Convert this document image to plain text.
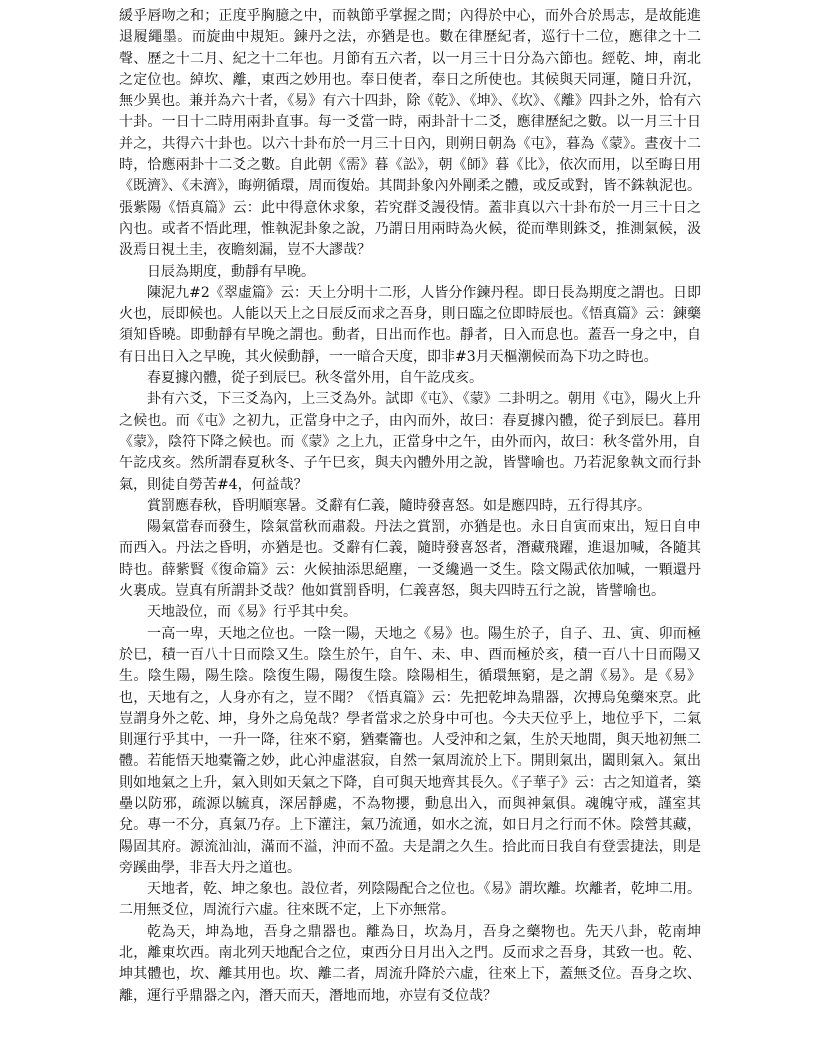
緩乎唇吻之和；正度乎胸臆之中，而執節乎掌握之間；內得於中心，而外合於馬志，是故能進退履繩墨。而旋曲中規矩。鍊丹之法，亦猶是也。數在律歷紀者，巡行十二位，應律之十二聲、歷之十二月、紀之十二年也。月節有五六者，以一月三十日分為六節也。經乾、坤，南北之定位也。綽坎、離，東西之妙用也。奉日使者，奉日之所使也。其候與天同運，隨日升沉，無少異也。兼并為六十者，《易》有六十四卦，除《乾》、《坤》、《坎》、《離》四卦之外，恰有六十卦。一日十二時用兩卦直事。每一爻當一時，兩卦計十二爻，應律歷紀之數。以一月三十日并之，共得六十卦也。以六十卦布於一月三十日內，則朔日朝為《屯》，暮為《蒙》。晝夜十二時，恰應兩卦十二爻之數。自此朝《需》暮《訟》，朝《師》暮《比》，依次而用，以至晦日用《既濟》、《未濟》，晦朔循環，周而復始。其間卦象內外剛柔之體，或反或對，皆不銖執泥也。張紫陽《悟真篇》云：此中得意休求象，若究群爻謾役情。蓋非真以六十卦布於一月三十日之內也。或者不悟此理，惟執泥卦象之說，乃謂日用兩時為火候，從而準則銖爻，推測氣候，汲汲焉日視土圭，夜瞻刻漏，豈不大謬哉？

日辰為期度，動靜有早晚。

陳泥九#2《翠虛篇》云：天上分明十二形，人皆分作鍊丹程。即日長為期度之謂也。日即火也，辰即候也。人能以天上之日辰反而求之吾身，則日臨之位即時辰也。《悟真篇》云：鍊藥須知昏曉。即動靜有早晚之謂也。動者，日出而作也。靜者，日入而息也。蓋吾一身之中，自有日出日入之早晚，其火候動靜，一一暗合天度，即非#3月天樞潮候而為下功之時也。

春夏據內體，從子到辰巳。秋冬當外用，自午訖戌亥。

卦有六爻，下三爻為內，上三爻為外。試即《屯》、《蒙》二卦明之。朝用《屯》，陽火上升之候也。而《屯》之初九，正當身中之子，由內而外，故曰：春夏據內體，從子到辰巳。暮用《蒙》，陰符下降之候也。而《蒙》之上九，正當身中之午，由外而內，故曰：秋冬當外用，自午訖戌亥。然所謂春夏秋冬、子午巳亥，與夫內體外用之說，皆譬喻也。乃若泥象執文而行卦氣，則徒自勞苦#4，何益哉？

賞罰應春秋，昏明順寒暑。爻辭有仁義，隨時發喜怒。如是應四時，五行得其序。

陽氣當春而發生，陰氣當秋而肅殺。丹法之賞罰，亦猶是也。永日自寅而束出，短日自申而西入。丹法之昏明，亦猶是也。爻辭有仁義，隨時發喜怒者，潛藏飛躍，進退加喊，各隨其時也。薛紫賢《復命篇》云：火候抽添思絕塵，一爻纔過一爻生。陰文陽武依加喊，一顆還丹火裏成。豈真有所謂卦爻哉？他如賞罰昏明，仁義喜怒，與夫四時五行之說，皆譬喻也。

天地設位，而《易》行乎其中矣。

一高一卑，天地之位也。一陰一陽，天地之《易》也。陽生於子，自子、丑、寅、卯而極於巳，積一百八十日而陰又生。陰生於午，自午、未、申、酉而極於亥，積一百八十日而陽又生。陰生陽，陽生陰。陰復生陽，陽復生陰。陰陽相生，循環無窮，是之謂《易》。是《易》也，天地有之，人身亦有之，豈不聞？《悟真篇》云：先把乾坤為鼎器，次搏烏兔藥來烹。此豈謂身外之乾、坤，身外之烏兔哉？學者當求之於身中可也。今夫天位乎上，地位乎下，二氣則運行乎其中，一升一降，往來不窮，猶橐籥也。人受沖和之氣，生於天地間，與天地初無二體。若能悟天地橐籥之妙，此心沖虛湛寂，自然一氣周流於上下。開則氣出，闔則氣入。氣出則如地氣之上升，氣入則如天氣之下降，自可與天地齊其長久。《子華子》云：古之知道者，築壘以防邪，疏源以毓真，深居靜處，不為物攖，動息出入，而與神氣俱。魂魄守戒，謹室其兌。專一不分，真氣乃存。上下灌注，氣乃流通，如水之流，如日月之行而不休。陰營其藏，陽固其府。源流汕汕，滿而不溢，沖而不盈。夫是謂之久生。拾此而日我自有登雲捷法，則是旁蹊曲學，非吾大丹之道也。

天地者，乾、坤之象也。設位者，列陰陽配合之位也。《易》謂坎離。坎離者，乾坤二用。二用無爻位，周流行六虛。往來既不定，上下亦無常。

乾為天，坤為地，吾身之鼎器也。離為日，坎為月，吾身之藥物也。先天八卦，乾南坤北，離東坎西。南北列天地配合之位，東西分日月出入之門。反而求之吾身，其致一也。乾、坤其體也，坎、離其用也。坎、離二者，周流升降於六虛，往來上下，蓋無爻位。吾身之坎、離，運行乎鼎器之內，潛天而天，潛地而地，亦豈有爻位哉？
